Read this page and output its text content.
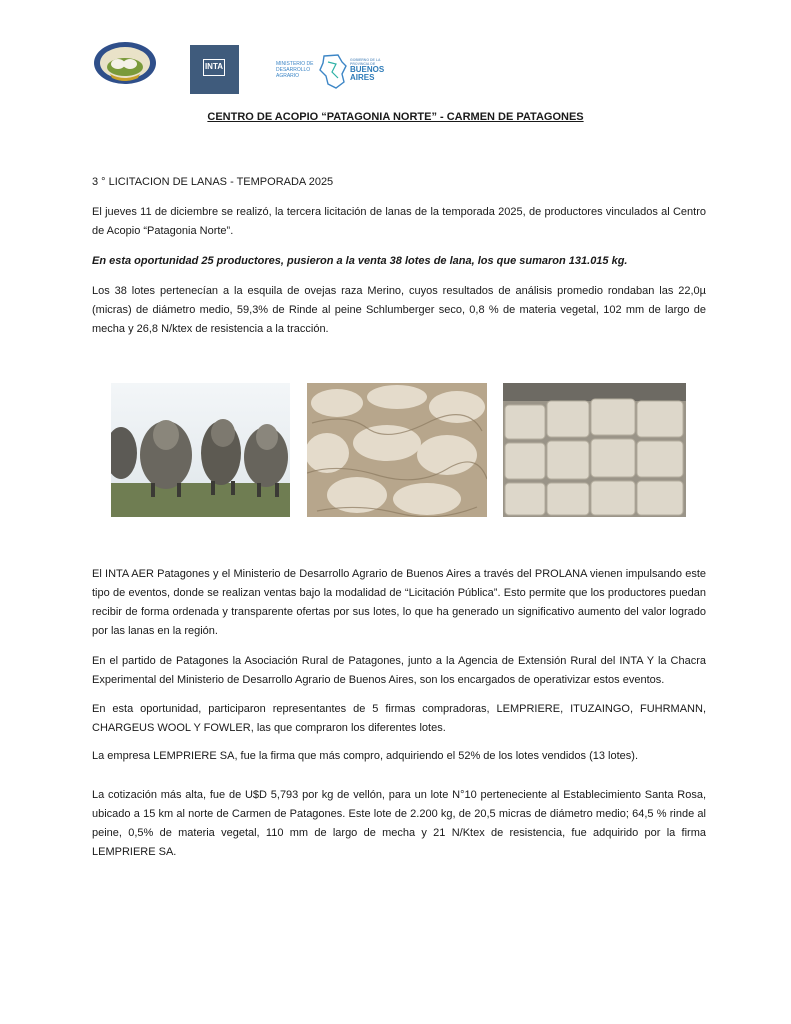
INTA	MINISTERIO DE
DESARROLLO
AGRARIO
GOBIERNO DE LA PROVINCIA DE
BUENOS
AIRES
CENTRO DE ACOPIO “PATAGONIA NORTE” - CARMEN DE PATAGONES

3 ° LICITACION DE LANAS - TEMPORADA 2025

El jueves 11 de diciembre se realizó, la tercera licitación de lanas de la temporada 2025, de productores vinculados al Centro de Acopio “Patagonia Norte”.

En esta oportunidad 25 productores, pusieron a la venta 38 lotes de lana, los que sumaron 131.015 kg.

Los 38 lotes pertenecían a la esquila de ovejas raza Merino, cuyos resultados de análisis promedio rondaban las 22,0µ (micras) de diámetro medio, 59,3% de Rinde al peine Schlumberger seco, 0,8 % de materia vegetal, 102 mm de largo de mecha y 26,8 N/ktex de resistencia a la tracción.

El INTA AER Patagones y el Ministerio de Desarrollo Agrario de Buenos Aires a través del PROLANA vienen impulsando este tipo de eventos, donde se realizan ventas bajo la modalidad de “Licitación Pública”. Esto permite que los productores puedan recibir de forma ordenada y transparente ofertas por sus lotes, lo que ha generado un significativo aumento del valor logrado por las lanas en la región.

En el partido de Patagones la Asociación Rural de Patagones, junto a la Agencia de Extensión Rural del INTA Y la Chacra Experimental del Ministerio de Desarrollo Agrario de Buenos Aires, son los encargados de operativizar estos eventos.

En esta oportunidad, participaron representantes de 5 firmas compradoras, LEMPRIERE, ITUZAINGO, FUHRMANN, CHARGEUS WOOL Y FOWLER, las que compraron los diferentes lotes.

La empresa LEMPRIERE SA, fue la firma que más compro, adquiriendo el 52% de los lotes vendidos (13 lotes).

La cotización más alta, fue de U$D 5,793 por kg de vellón, para un lote N°10 perteneciente al Establecimiento Santa Rosa, ubicado a 15 km al norte de Carmen de Patagones. Este lote de 2.200 kg, de 20,5 micras de diámetro medio; 64,5 % rinde al peine, 0,5% de materia vegetal, 110 mm de largo de mecha y 21 N/Ktex de resistencia, fue adquirido por la firma LEMPRIERE SA.
